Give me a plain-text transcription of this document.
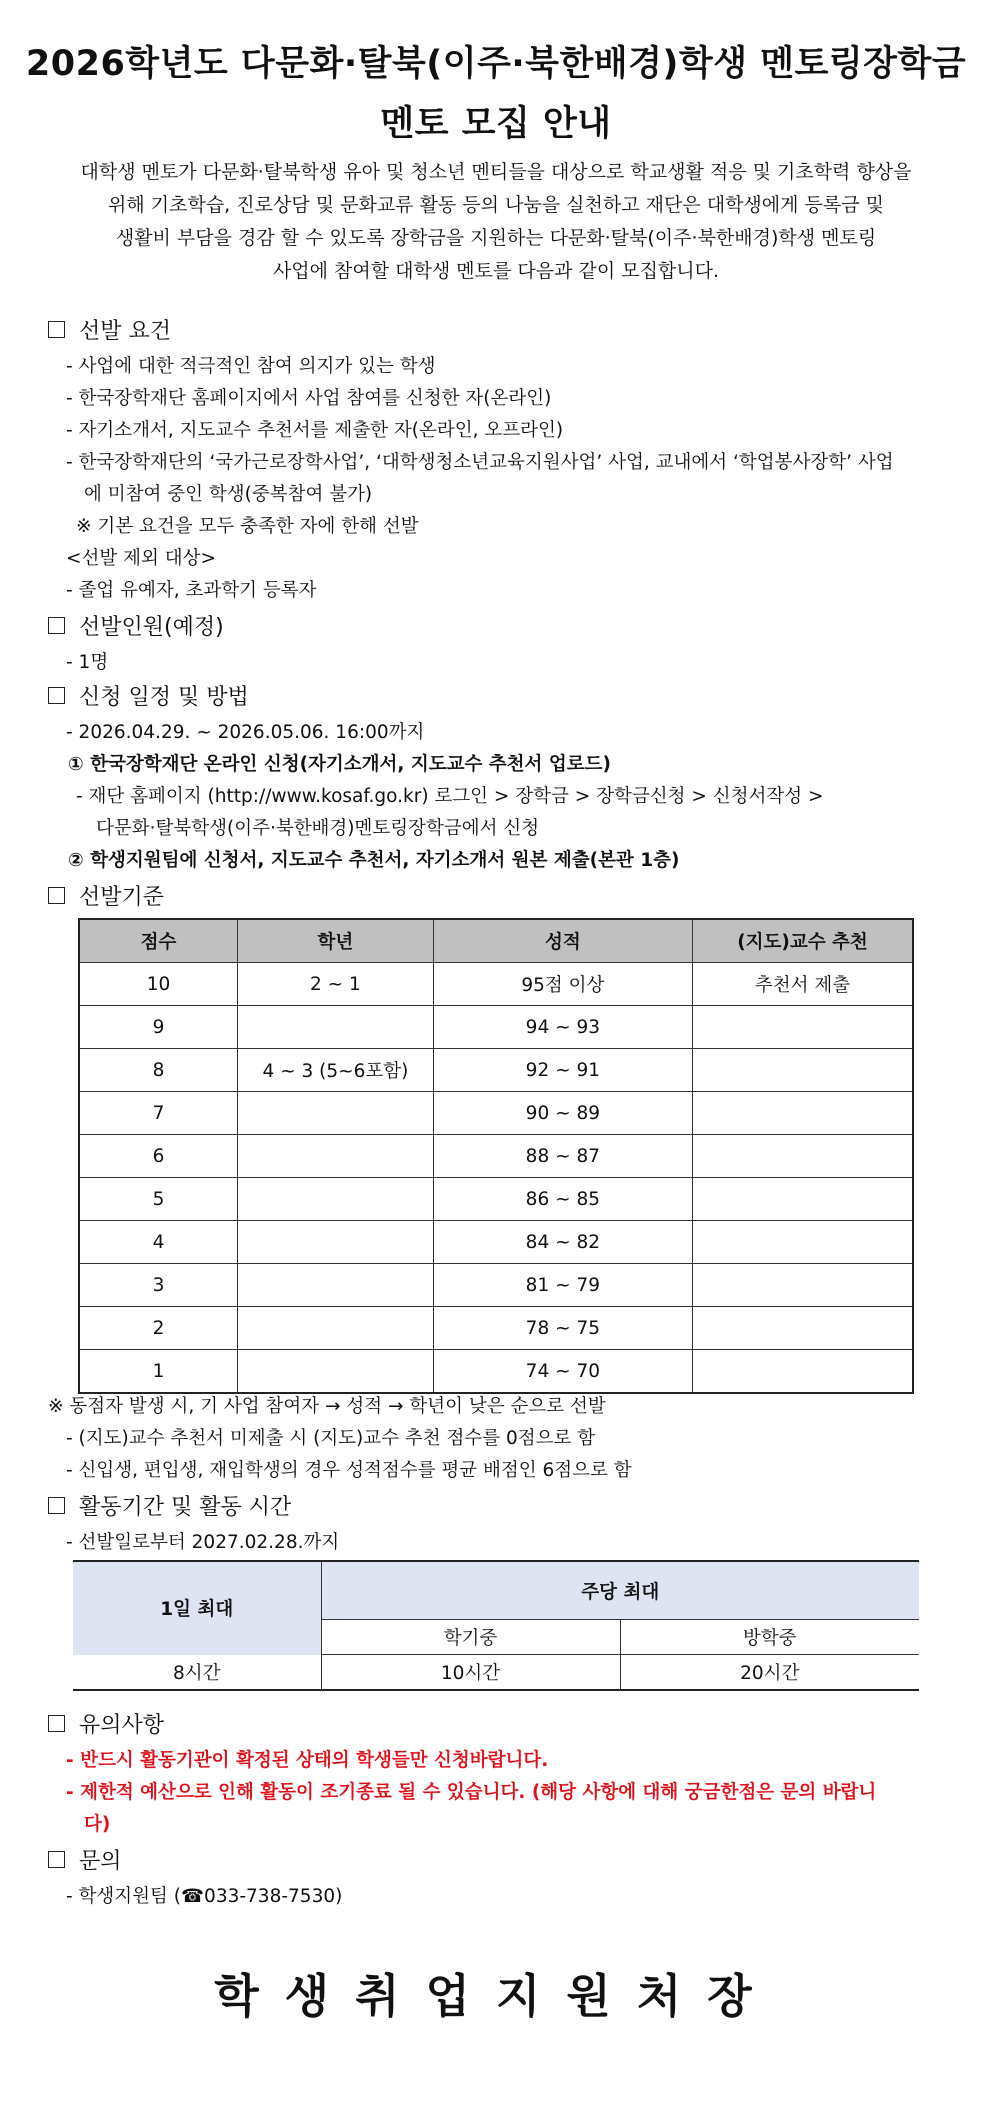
2026학년도 다문화·탈북(이주·북한배경)학생 멘토링장학금
멘토 모집 안내
대학생 멘토가 다문화·탈북학생 유아 및 청소년 멘티들을 대상으로 학교생활 적응 및 기초학력 향상을
위해 기초학습, 진로상담 및 문화교류 활동 등의 나눔을 실천하고 재단은 대학생에게 등록금 및
생활비 부담을 경감 할 수 있도록 장학금을 지원하는 다문화·탈북(이주·북한배경)학생 멘토링
사업에 참여할 대학생 멘토를 다음과 같이 모집합니다.
선발 요건
- 사업에 대한 적극적인 참여 의지가 있는 학생
- 한국장학재단 홈페이지에서 사업 참여를 신청한 자(온라인)
- 자기소개서, 지도교수 추천서를 제출한 자(온라인, 오프라인)
- 한국장학재단의 ‘국가근로장학사업’, ‘대학생청소년교육지원사업’ 사업, 교내에서 ‘학업봉사장학’ 사업
에 미참여 중인 학생(중복참여 불가)
※ 기본 요건을 모두 충족한 자에 한해 선발
<선발 제외 대상>
- 졸업 유예자, 초과학기 등록자
선발인원(예정)
- 1명
신청 일정 및 방법
- 2026.04.29. ~ 2026.05.06. 16:00까지
① 한국장학재단 온라인 신청(자기소개서, 지도교수 추천서 업로드)
- 재단 홈페이지 (http://www.kosaf.go.kr) 로그인 > 장학금 > 장학금신청 > 신청서작성 >
다문화·탈북학생(이주·북한배경)멘토링장학금에서 신청
② 학생지원팀에 신청서, 지도교수 추천서, 자기소개서 원본 제출(본관 1층)
선발기준
점수	학년	성적	(지도)교수 추천
10	2 ~ 1	95점 이상	추천서 제출
9		94 ~ 93	
8	4 ~ 3 (5~6포함)	92 ~ 91	
7		90 ~ 89	
6		88 ~ 87	
5		86 ~ 85	
4		84 ~ 82	
3		81 ~ 79	
2		78 ~ 75	
1		74 ~ 70	
※ 동점자 발생 시, 기 사업 참여자 → 성적 → 학년이 낮은 순으로 선발
- (지도)교수 추천서 미제출 시 (지도)교수 추천 점수를 0점으로 함
- 신입생, 편입생, 재입학생의 경우 성적점수를 평균 배점인 6점으로 함
활동기간 및 활동 시간
- 선발일로부터 2027.02.28.까지
1일 최대	주당 최대	
	학기중	방학중
8시간	10시간	20시간
유의사항
- 반드시 활동기관이 확정된 상태의 학생들만 신청바랍니다.
- 제한적 예산으로 인해 활동이 조기종료 될 수 있습니다. (해당 사항에 대해 궁금한점은 문의 바랍니
다)
문의
- 학생지원팀 (☎033-738-7530)
학생취업지원처장
